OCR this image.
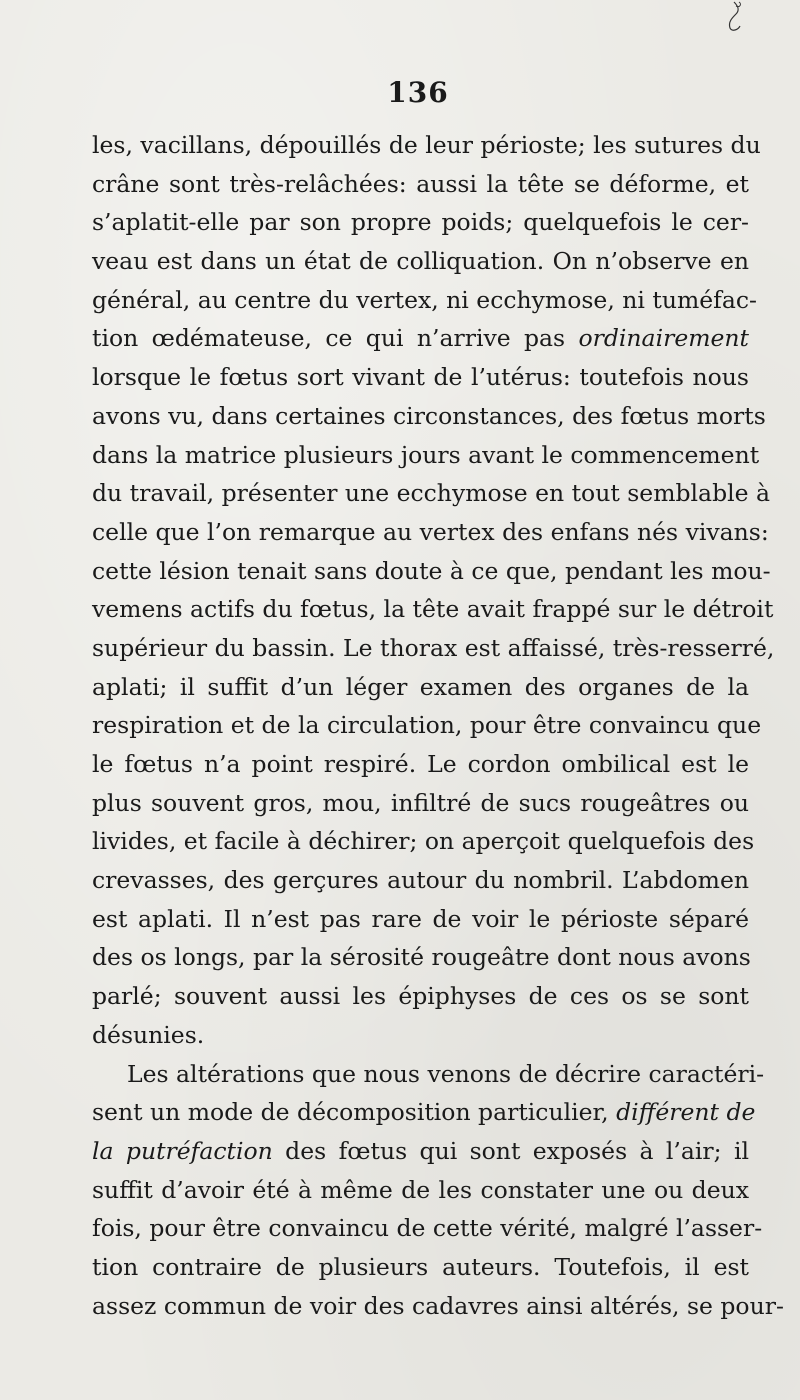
136
les, vacillans, dépouillés de leur périoste; les sutures du
crâne sont très-relâchées: aussi la tête se déforme, et
s’aplatit-elle par son propre poids; quelquefois le cer-
veau est dans un état de colliquation. On n’observe en
général, au centre du vertex, ni ecchymose, ni tuméfac-
tion œdémateuse, ce qui n’arrive pas ordinairement
lorsque le fœtus sort vivant de l’utérus: toutefois nous
avons vu, dans certaines circonstances, des fœtus morts
dans la matrice plusieurs jours avant le commencement
du travail, présenter une ecchymose en tout semblable à
celle que l’on remarque au vertex des enfans nés vivans:
cette lésion tenait sans doute à ce que, pendant les mou-
vemens actifs du fœtus, la tête avait frappé sur le détroit
supérieur du bassin. Le thorax est affaissé, très-resserré,
aplati; il suffit d’un léger examen des organes de la
respiration et de la circulation, pour être convaincu que
le fœtus n’a point respiré. Le cordon ombilical est le
plus souvent gros, mou, infiltré de sucs rougeâtres ou
livides, et facile à déchirer; on aperçoit quelquefois des
crevasses, des gerçures autour du nombril. L’abdomen
est aplati. Il n’est pas rare de voir le périoste séparé
des os longs, par la sérosité rougeâtre dont nous avons
parlé; souvent aussi les épiphyses de ces os se sont
désunies.
Les altérations que nous venons de décrire caractéri-
sent un mode de décomposition particulier, différent de
la putréfaction des fœtus qui sont exposés à l’air; il
suffit d’avoir été à même de les constater une ou deux
fois, pour être convaincu de cette vérité, malgré l’asser-
tion contraire de plusieurs auteurs. Toutefois, il est
assez commun de voir des cadavres ainsi altérés, se pour-
